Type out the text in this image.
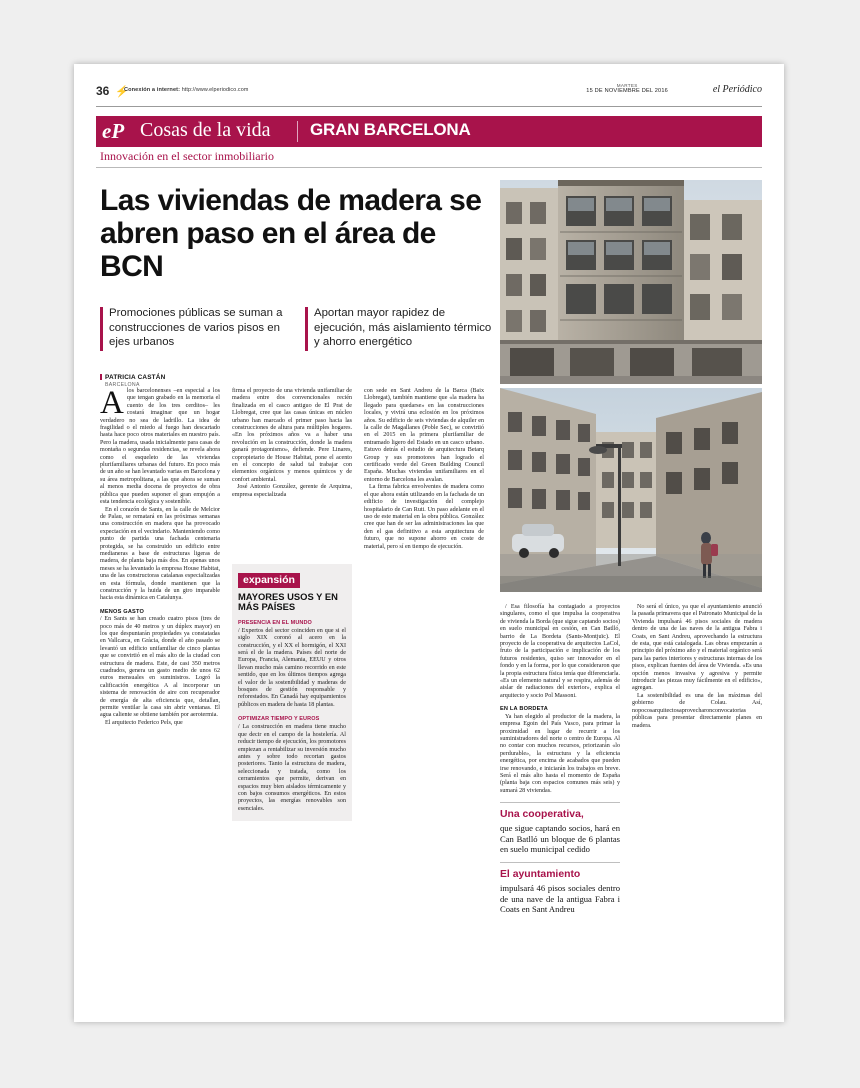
36 ⚡
Conexión a internet: http://www.elperiodico.com
MARTES
15 DE NOVIEMBRE DEL 2016	el Periódico
eP Cosas de la vida GRAN BARCELONA
Innovación en el sector inmobiliario
Las viviendas de madera se abren paso en el área de BCN

Promociones públicas se suman a construcciones de varios pisos en ejes urbanos

Aportan mayor rapidez de ejecución, más aislamiento térmico y ahorro energético

PATRICIA CASTÁN
BARCELONA
A los barcelonenses –en especial a los que tengan grabado en la memoria el cuento de los tres cerditos– les costará imaginar que un hogar verdadero no sea de ladrillo. La idea de fragilidad o el miedo al fuego han descartado hasta hace poco otros materiales en nuestro país. Pero la madera, usada inicialmente para casas de montaña o segundas residencias, se revela ahora como el esqueleto de las viviendas plurifamiliares urbanas del futuro. En poco más de un año se han levantado varias en Barcelona y su área metropolitana, a las que ahora se suman al menos media docena de proyectos de obra pública que pueden suponer el gran empujón a esta tendencia ecológica y sostenible.

En el corazón de Sants, en la calle de Melcior de Palau, se rematará en las próximas semanas una construcción en madera que ha provocado expectación en el vecindario. Manteniendo como punto de partida una fachada centenaria protegida, se ha construido un edificio entre medianeras a base de estructuras ligeras de madera, de planta baja más dos. En apenas unos meses se ha levantado la empresa House Habitat, una de las constructoras catalanas especializadas en esta fórmula, donde mantienen que la construcción y la huida de un giro imparable hacia esta dinámica en Catalunya.

MENOS GASTO

/ En Sants se han creado cuatro pisos (tres de poco más de 40 metros y un dúplex mayor) en los que despuntarán propiedades ya constatadas en Vallcarca, en Gràcia, donde el año pasado se levantó un edificio unifamiliar de cinco plantas que se convirtió en el más alto de la ciudad con estructura de madera. Este, de casi 350 metros cuadrados, genera un gasto medio de unos 62 euros mensuales en suministros. Logró la calificación energética A al incorporar un sistema de renovación de aire con recuperador de energía de alta eficiencia que, detallan, permite ventilar la casa sin abrir ventanas. El agua caliente se obtiene también por aerotermia.

El arquitecto Federico Pels, que

firma el proyecto de una vivienda unifamiliar de madera entre dos convencionales recién finalizada en el casco antiguo de El Prat de Llobregat, cree que las casas únicas en núcleo urbano han marcado el primer paso hacia las construcciones de altura para múltiples hogares. «En los próximos años va a haber una revolución en la construcción, donde la madera ganará protagonismo», defiende. Pere Linares, copropietario de House Habitat, pone el acento en el concepto de salud tal trabajar con elementos orgánicos y menos químicos y de confort ambiental.

José Antonio González, gerente de Arquima, empresa especializada

con sede en Sant Andreu de la Barca (Baix Llobregat), también mantiene que «la madera ha llegado para quedarse» en las construcciones locales, y vivirá una eclosión en los próximos años. Su edificio de seis viviendas de alquiler en la calle de Magallanes (Poble Sec), se convirtió en el 2015 en la primera plurifamiliar de entramado ligero del Estado en un casco urbano. Estuvo detrás el estudio de arquitectura Betarq Group y sus promotores han logrado el certificado verde del Green Building Council España. Muchas viviendas unifamiliares en el entorno de Barcelona les avalan.

La firma fabrica envolventes de madera como el que ahora están utilizando en la fachada de un edificio de investigación del complejo hospitalario de Can Ruti. Un paso adelante en el uso de este material en la obra pública. González cree que han de ser las administraciones las que den el gas definitivo a esta arquitectura de futuro, que no supone ahorro en coste de material, pero sí en tiempo de ejecución.

expansión
MAYORES USOS Y EN MÁS PAÍSES
PRESENCIA EN EL MUNDO
/ Expertos del sector coinciden en que si el siglo XIX coronó al acero en la construcción, y el XX el hormigón, el XXI será el de la madera. Países del norte de Europa, Francia, Alemania, EEUU y otros llevan mucho más camino recorrido en este sentido, que en los últimos tiempos agrega el valor de la sostenibilidad y maderas de bosques de gestión responsable y reforestados. En Canadá hay equipamientos públicos en madera de hasta 18 plantas.
OPTIMIZAR TIEMPO Y EUROS
/ La construcción en madera tiene mucho que decir en el campo de la hostelería. Al reducir tiempo de ejecución, los promotores empiezan a rentabilizar su inversión mucho antes y sobre todo recortan gastos posteriores. Tanto la estructura de madera, seleccionada y tratada, como los cerramientos que permite, derivan en espacios muy bien aislados térmicamente y con bajos consumos energéticos. En estos proyectos, las energías renovables son esenciales.

/ Esa filosofía ha contagiado a proyectos singulares, como el que impulsa la cooperativa de vivienda la Borda (que sigue captando socios) en suelo municipal en cesión, en Can Batlló, barrio de La Bordeta (Sants-Montjuïc). El proyecto de la cooperativa de arquitectos LaCol, fruto de la participación e implicación de los futuros residentes, quiso ser innovador en el fondo y en la forma, por lo que consideraron que la propia estructura física tenía que diferenciarla. «Es un elemento natural y se respira, además de aislar de radiaciones del exterior», explica el arquitecto y socio Pol Massoni.

EN LA BORDETA

Ya han elegido al productor de la madera, la empresa Egoin del País Vasco, para primar la proximidad en lugar de recurrir a los suministradores del norte o centro de Europa. Al no contar con muchos recursos, priorizarán «lo perdurable», la estructura y la eficiencia energética, por encima de acabados que pueden irse renovando, e iniciarán los trabajos en breve. Será el más alto hasta el momento de España (planta baja con espacios comunes más seis) y sumará 28 viviendas.

Una cooperativa,
que sigue captando socios, hará en Can Batlló un bloque de 6 plantas en suelo municipal cedido
El ayuntamiento
impulsará 46 pisos sociales dentro de una nave de la antigua Fabra i Coats en Sant Andreu

No será el único, ya que el ayuntamiento anunció la pasada primavera que el Patronato Municipal de la Vivienda impulsará 46 pisos sociales de madera dentro de una de las naves de la antigua Fabra i Coats, en Sant Andreu, aprovechando la estructura de esta, que está catalogada. Las obras empezarán a principio del próximo año y el material orgánico será para las partes interiores y estructuras internas de los pisos, explican fuentes del área de Vivienda. «Es una opción menos invasiva y agresiva y permite introducir las piezas muy fácilmente en el edificio», agregan.

La sostenibilidad es una de las máximas del gobierno de Colau. Así, nopocosarquitectosaprovecharonconvocatorias públicas para presentar directamente planes en madera.
